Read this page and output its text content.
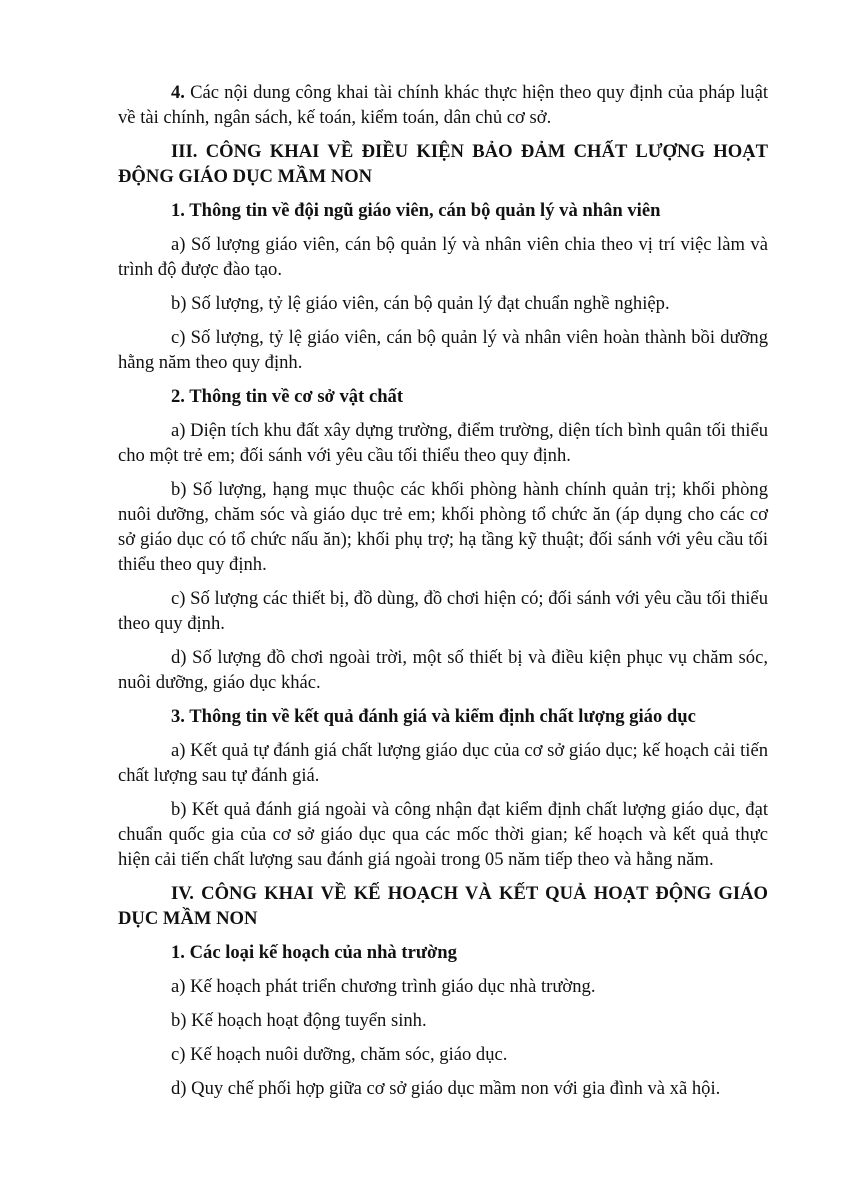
4. Các nội dung công khai tài chính khác thực hiện theo quy định của pháp luật về tài chính, ngân sách, kế toán, kiểm toán, dân chủ cơ sở.

III. CÔNG KHAI VỀ ĐIỀU KIỆN BẢO ĐẢM CHẤT LƯỢNG HOẠT ĐỘNG GIÁO DỤC MẦM NON

1. Thông tin về đội ngũ giáo viên, cán bộ quản lý và nhân viên

a) Số lượng giáo viên, cán bộ quản lý và nhân viên chia theo vị trí việc làm và trình độ được đào tạo.

b) Số lượng, tỷ lệ giáo viên, cán bộ quản lý đạt chuẩn nghề nghiệp.

c) Số lượng, tỷ lệ giáo viên, cán bộ quản lý và nhân viên hoàn thành bồi dưỡng hằng năm theo quy định.

2. Thông tin về cơ sở vật chất

a) Diện tích khu đất xây dựng trường, điểm trường, diện tích bình quân tối thiểu cho một trẻ em; đối sánh với yêu cầu tối thiểu theo quy định.

b) Số lượng, hạng mục thuộc các khối phòng hành chính quản trị; khối phòng nuôi dưỡng, chăm sóc và giáo dục trẻ em; khối phòng tổ chức ăn (áp dụng cho các cơ sở giáo dục có tổ chức nấu ăn); khối phụ trợ; hạ tầng kỹ thuật; đối sánh với yêu cầu tối thiểu theo quy định.

c) Số lượng các thiết bị, đồ dùng, đồ chơi hiện có; đối sánh với yêu cầu tối thiểu theo quy định.

d) Số lượng đồ chơi ngoài trời, một số thiết bị và điều kiện phục vụ chăm sóc, nuôi dưỡng, giáo dục khác.

3. Thông tin về kết quả đánh giá và kiểm định chất lượng giáo dục

a) Kết quả tự đánh giá chất lượng giáo dục của cơ sở giáo dục; kế hoạch cải tiến chất lượng sau tự đánh giá.

b) Kết quả đánh giá ngoài và công nhận đạt kiểm định chất lượng giáo dục, đạt chuẩn quốc gia của cơ sở giáo dục qua các mốc thời gian; kế hoạch và kết quả thực hiện cải tiến chất lượng sau đánh giá ngoài trong 05 năm tiếp theo và hằng năm.

IV. CÔNG KHAI VỀ KẾ HOẠCH VÀ KẾT QUẢ HOẠT ĐỘNG GIÁO DỤC MẦM NON

1. Các loại kế hoạch của nhà trường

a) Kế hoạch phát triển chương trình giáo dục nhà trường.

b) Kế hoạch hoạt động tuyển sinh.

c) Kế hoạch nuôi dưỡng, chăm sóc, giáo dục.

d) Quy chế phối hợp giữa cơ sở giáo dục mầm non với gia đình và xã hội.
